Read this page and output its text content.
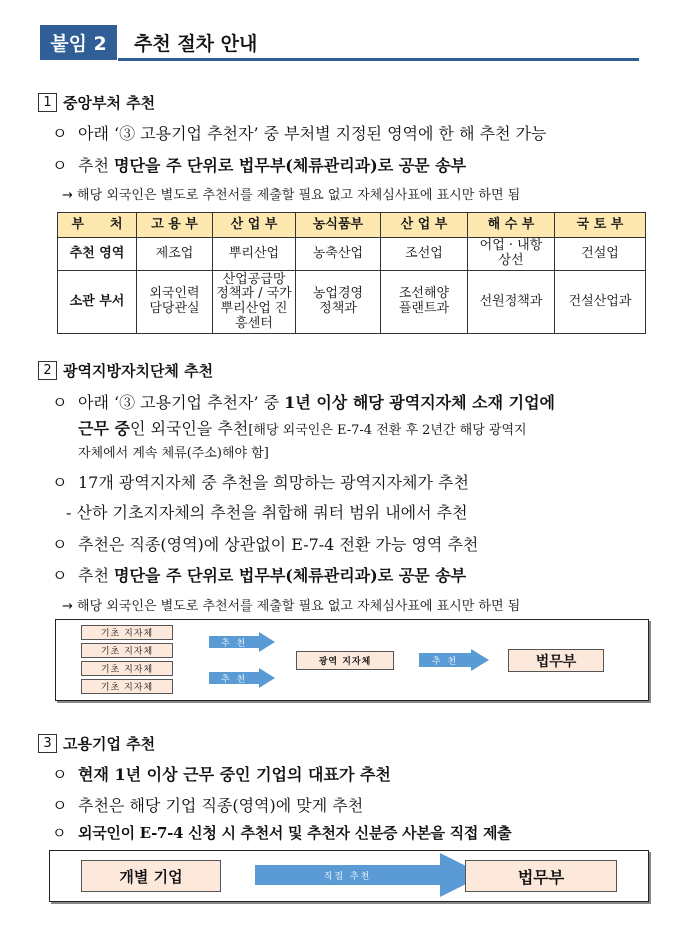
붙임 2	추천 절차 안내
1 중앙부처 추천
ㅇ 아래 ‘③ 고용기업 추천자’ 중 부처별 지정된 영역에 한 해 추천 가능
ㅇ 추천 명단을 주 단위로 법무부(체류관리과)로 공문 송부
→ 해당 외국인은 별도로 추천서를 제출할 필요 없고 자체심사표에 표시만 하면 됨
부　　처	고 용 부	산 업 부	농식품부	산 업 부	해 수 부	국 토 부
추천 영역	제조업	뿌리산업	농축산업	조선업	어업 · 내항상선	건설업
소관 부서	외국인력 담당관실	산업공급망 정책과 / 국가뿌리산업 진흥센터	농업경영 정책과	조선해양 플랜트과	선원정책과	건설산업과
2 광역지방자치단체 추천
ㅇ 아래 ‘③ 고용기업 추천자’ 중 1년 이상 해당 광역지자체 소재 기업에
근무 중인 외국인을 추천[해당 외국인은 E-7-4 전환 후 2년간 해당 광역지
자체에서 계속 체류(주소)해야 함]
ㅇ 17개 광역지자체 중 추천을 희망하는 광역지자체가 추천
- 산하 기초지자체의 추천을 취합해 쿼터 범위 내에서 추천
ㅇ 추천은 직종(영역)에 상관없이 E-7-4 전환 가능 영역 추천
ㅇ 추천 명단을 주 단위로 법무부(체류관리과)로 공문 송부
→ 해당 외국인은 별도로 추천서를 제출할 필요 없고 자체심사표에 표시만 하면 됨
기초 지자체
기초 지자체
기초 지자체
기초 지자체
추 천
추 천
광역 지자체	추 천	법무부
3 고용기업 추천
ㅇ 현재 1년 이상 근무 중인 기업의 대표가 추천
ㅇ 추천은 해당 기업 직종(영역)에 맞게 추천
ㅇ 외국인이 E-7-4 신청 시 추천서 및 추천자 신분증 사본을 직접 제출
개별 기업	직접 추천	법무부
